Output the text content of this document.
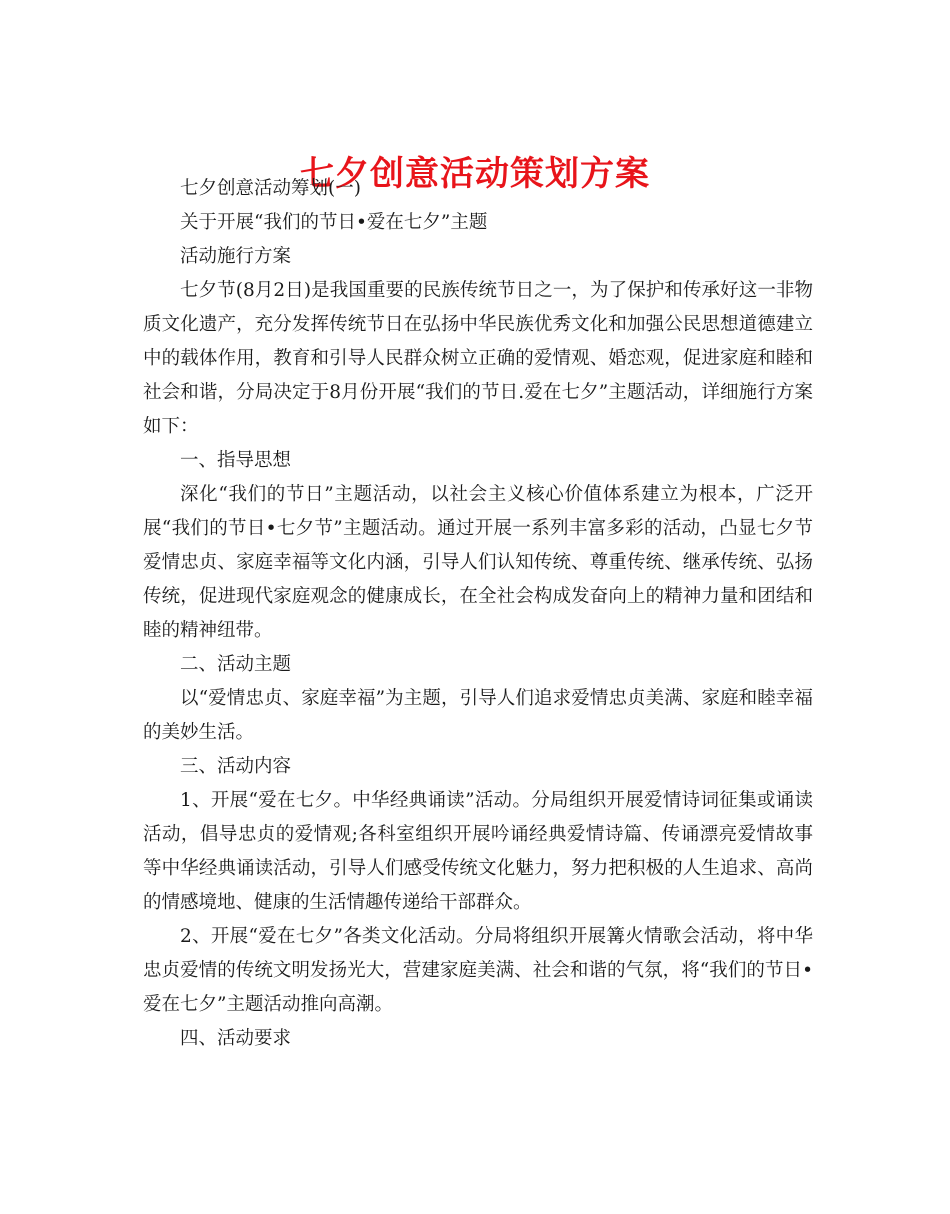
七夕创意活动策划方案

七夕创意活动筹划(一)

关于开展“我们的节日•爱在七夕”主题

活动施行方案

七夕节(8月2日)是我国重要的民族传统节日之一，为了保护和传承好这一非物质文化遗产，充分发挥传统节日在弘扬中华民族优秀文化和加强公民思想道德建立中的载体作用，教育和引导人民群众树立正确的爱情观、婚恋观，促进家庭和睦和社会和谐，分局决定于8月份开展“我们的节日.爱在七夕”主题活动，详细施行方案如下：

一、指导思想

深化“我们的节日”主题活动，以社会主义核心价值体系建立为根本，广泛开展“我们的节日•七夕节”主题活动。通过开展一系列丰富多彩的活动，凸显七夕节爱情忠贞、家庭幸福等文化内涵，引导人们认知传统、尊重传统、继承传统、弘扬传统，促进现代家庭观念的健康成长，在全社会构成发奋向上的精神力量和团结和睦的精神纽带。

二、活动主题

以“爱情忠贞、家庭幸福”为主题，引导人们追求爱情忠贞美满、家庭和睦幸福的美妙生活。

三、活动内容

1、开展“爱在七夕。中华经典诵读”活动。分局组织开展爱情诗词征集或诵读活动，倡导忠贞的爱情观;各科室组织开展吟诵经典爱情诗篇、传诵漂亮爱情故事等中华经典诵读活动，引导人们感受传统文化魅力，努力把积极的人生追求、高尚的情感境地、健康的生活情趣传递给干部群众。

2、开展“爱在七夕”各类文化活动。分局将组织开展篝火情歌会活动，将中华忠贞爱情的传统文明发扬光大，营建家庭美满、社会和谐的气氛，将“我们的节日•爱在七夕”主题活动推向高潮。

四、活动要求
